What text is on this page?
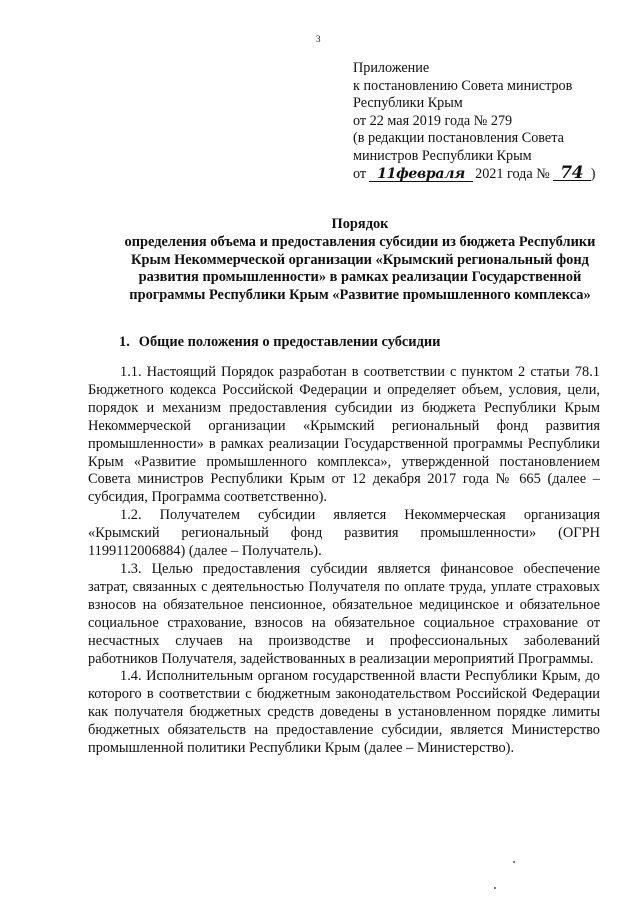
3
Приложение
к постановлению Совета министров
Республики Крым
от 22 мая 2019 года № 279
(в редакции постановления Совета
министров Республики Крым
от 11февраля 2021 года № 74 )
Порядок
определения объема и предоставления субсидии из бюджета Республики
Крым Некоммерческой организации «Крымский региональный фонд
развития промышленности» в рамках реализации Государственной
программы Республики Крым «Развитие промышленного комплекса»
1. Общие положения о предоставлении субсидии

1.1. Настоящий Порядок разработан в соответствии с пунктом 2 статьи 78.1 Бюджетного кодекса Российской Федерации и определяет объем, условия, цели, порядок и механизм предоставления субсидии из бюджета Республики Крым Некоммерческой организации «Крымский региональный фонд развития промышленности» в рамках реализации Государственной программы Республики Крым «Развитие промышленного комплекса», утвержденной постановлением Совета министров Республики Крым от 12 декабря 2017 года № 665 (далее – субсидия, Программа соответственно).

1.2. Получателем субсидии является Некоммерческая организация «Крымский региональный фонд развития промышленности» (ОГРН 1199112006884) (далее – Получатель).

1.3. Целью предоставления субсидии является финансовое обеспечение затрат, связанных с деятельностью Получателя по оплате труда, уплате страховых взносов на обязательное пенсионное, обязательное медицинское и обязательное социальное страхование, взносов на обязательное социальное страхование от несчастных случаев на производстве и профессиональных заболеваний работников Получателя, задействованных в реализации мероприятий Программы.

1.4. Исполнительным органом государственной власти Республики Крым, до которого в соответствии с бюджетным законодательством Российской Федерации как получателя бюджетных средств доведены в установленном порядке лимиты бюджетных обязательств на предоставление субсидии, является Министерство промышленной политики Республики Крым (далее – Министерство).
